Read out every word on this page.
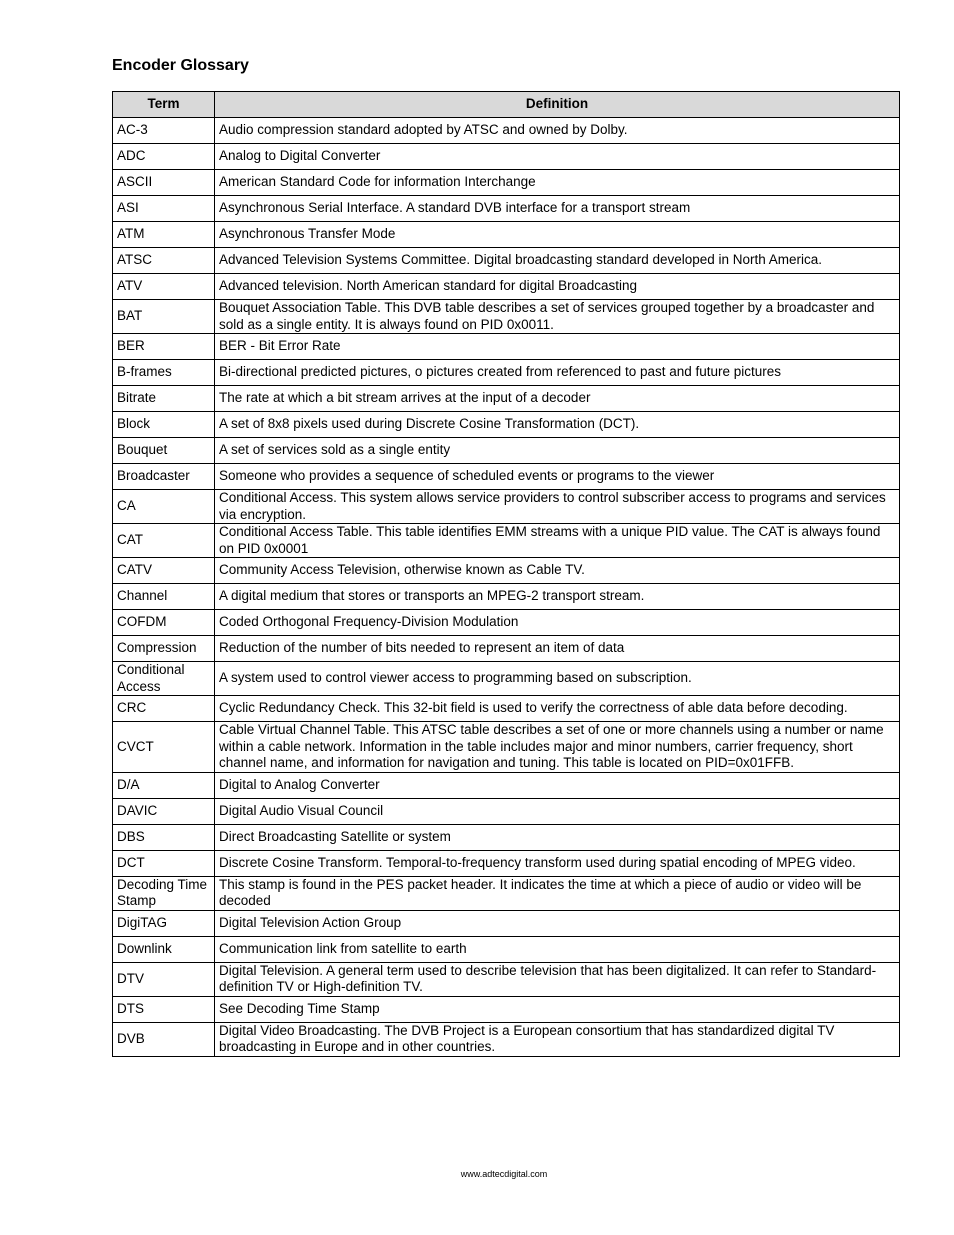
Encoder Glossary
Term	Definition
AC-3	Audio compression standard adopted by ATSC and owned by Dolby.
ADC	Analog to Digital Converter
ASCII	American Standard Code for information Interchange
ASI	Asynchronous Serial Interface. A standard DVB interface for a transport stream
ATM	Asynchronous Transfer Mode
ATSC	Advanced Television Systems Committee. Digital broadcasting standard developed in North America.
ATV	Advanced television. North American standard for digital Broadcasting
BAT	Bouquet Association Table. This DVB table describes a set of services grouped together by a broadcaster and sold as a single entity. It is always found on PID 0x0011.
BER	BER - Bit Error Rate
B-frames	Bi-directional predicted pictures, o pictures created from referenced to past and future pictures
Bitrate	The rate at which a bit stream arrives at the input of a decoder
Block	A set of 8x8 pixels used during Discrete Cosine Transformation (DCT).
Bouquet	A set of services sold as a single entity
Broadcaster	Someone who provides a sequence of scheduled events or programs to the viewer
CA	Conditional Access. This system allows service providers to control subscriber access to programs and services via encryption.
CAT	Conditional Access Table. This table identifies EMM streams with a unique PID value. The CAT is always found on PID 0x0001
CATV	Community Access Television, otherwise known as Cable TV.
Channel	A digital medium that stores or transports an MPEG-2 transport stream.
COFDM	Coded Orthogonal Frequency-Division Modulation
Compression	Reduction of the number of bits needed to represent an item of data
Conditional Access	A system used to control viewer access to programming based on subscription.
CRC	Cyclic Redundancy Check. This 32-bit field is used to verify the correctness of able data before decoding.
CVCT	Cable Virtual Channel Table. This ATSC table describes a set of one or more channels using a number or name within a cable network. Information in the table includes major and minor numbers, carrier frequency, short channel name, and information for navigation and tuning. This table is located on PID=0x01FFB.
D/A	Digital to Analog Converter
DAVIC	Digital Audio Visual Council
DBS	Direct Broadcasting Satellite or system
DCT	Discrete Cosine Transform. Temporal-to-frequency transform used during spatial encoding of MPEG video.
Decoding Time Stamp	This stamp is found in the PES packet header. It indicates the time at which a piece of audio or video will be decoded
DigiTAG	Digital Television Action Group
Downlink	Communication link from satellite to earth
DTV	Digital Television. A general term used to describe television that has been digitalized. It can refer to Standard-definition TV or High-definition TV.
DTS	See Decoding Time Stamp
DVB	Digital Video Broadcasting. The DVB Project is a European consortium that has standardized digital TV broadcasting in Europe and in other countries.
www.adtecdigital.com
